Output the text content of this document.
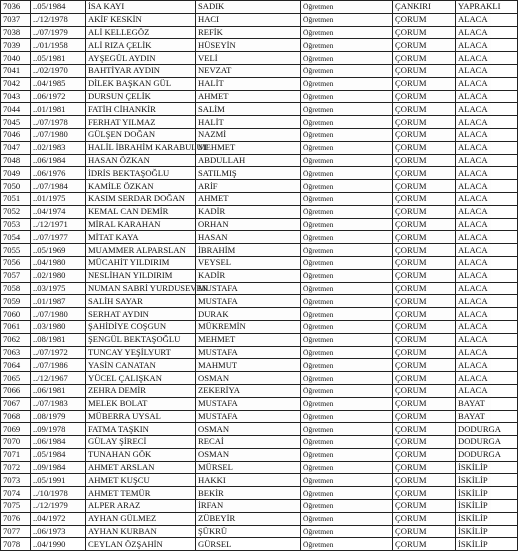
7036	..05/1984	İSA KAYI	SADIK	Öğretmen	ÇANKIRI	YAPRAKLI
7037	../12/1978	AKİF KESKİN	HACI	Öğretmen	ÇORUM	ALACA
7038	../07/1979	ALİ KELLEGÖZ	REFİK	Öğretmen	ÇORUM	ALACA
7039	../01/1958	ALİ RIZA ÇELİK	HÜSEYİN	Öğretmen	ÇORUM	ALACA
7040	..05/1981	AYŞEGÜL AYDIN	VELİ	Öğretmen	ÇORUM	ALACA
7041	../02/1970	BAHTİYAR AYDIN	NEVZAT	Öğretmen	ÇORUM	ALACA
7042	..04/1985	DİLEK BAŞKAN GÜL	HALİT	Öğretmen	ÇORUM	ALACA
7043	..06/1972	DURSUN ÇELİK	AHMET	Öğretmen	ÇORUM	ALACA
7044	..01/1981	FATİH CİHANKİR	SALİM	Öğretmen	ÇORUM	ALACA
7045	../07/1978	FERHAT YILMAZ	HALİT	Öğretmen	ÇORUM	ALACA
7046	../07/1980	GÜLŞEN DOĞAN	NAZMİ	Öğretmen	ÇORUM	ALACA
7047	..02/1983	HALİL İBRAHİM KARABULUT	MEHMET	Öğretmen	ÇORUM	ALACA
7048	..06/1984	HASAN ÖZKAN	ABDULLAH	Öğretmen	ÇORUM	ALACA
7049	..06/1976	İDRİS BEKTAŞOĞLU	SATILMIŞ	Öğretmen	ÇORUM	ALACA
7050	../07/1984	KAMİLE ÖZKAN	ARİF	Öğretmen	ÇORUM	ALACA
7051	..01/1975	KASIM SERDAR DOĞAN	AHMET	Öğretmen	ÇORUM	ALACA
7052	..04/1974	KEMAL CAN DEMİR	KADİR	Öğretmen	ÇORUM	ALACA
7053	../12/1971	MİRAL KARAHAN	ORHAN	Öğretmen	ÇORUM	ALACA
7054	../07/1977	MİTAT KAYA	HASAN	Öğretmen	ÇORUM	ALACA
7055	..05/1969	MUAMMER ALPARSLAN	İBRAHİM	Öğretmen	ÇORUM	ALACA
7056	..04/1980	MÜCAHİT YILDIRIM	VEYSEL	Öğretmen	ÇORUM	ALACA
7057	..02/1980	NESLİHAN YILDIRIM	KADİR	Öğretmen	ÇORUM	ALACA
7058	..03/1975	NUMAN SABRİ YURDUSEVEN	MUSTAFA	Öğretmen	ÇORUM	ALACA
7059	..01/1987	SALİH SAYAR	MUSTAFA	Öğretmen	ÇORUM	ALACA
7060	../07/1980	SERHAT AYDIN	DURAK	Öğretmen	ÇORUM	ALACA
7061	..03/1980	ŞAHİDİYE COŞGUN	MÜKREMİN	Öğretmen	ÇORUM	ALACA
7062	..08/1981	ŞENGÜL BEKTAŞOĞLU	MEHMET	Öğretmen	ÇORUM	ALACA
7063	../07/1972	TUNCAY YEŞİLYURT	MUSTAFA	Öğretmen	ÇORUM	ALACA
7064	../07/1986	YASİN CANATAN	MAHMUT	Öğretmen	ÇORUM	ALACA
7065	../12/1967	YÜCEL ÇALIŞKAN	OSMAN	Öğretmen	ÇORUM	ALACA
7066	..06/1981	ZEHRA DEMİR	ZEKERİYA	Öğretmen	ÇORUM	ALACA
7067	../07/1983	MELEK BOLAT	MUSTAFA	Öğretmen	ÇORUM	BAYAT
7068	..08/1979	MÜBERRA UYSAL	MUSTAFA	Öğretmen	ÇORUM	BAYAT
7069	..09/1978	FATMA TAŞKIN	OSMAN	Öğretmen	ÇORUM	DODURGA
7070	..06/1984	GÜLAY ŞİRECİ	RECAİ	Öğretmen	ÇORUM	DODURGA
7071	..05/1984	TUNAHAN GÖK	OSMAN	Öğretmen	ÇORUM	DODURGA
7072	..09/1984	AHMET ARSLAN	MÜRSEL	Öğretmen	ÇORUM	İSKİLİP
7073	..05/1991	AHMET KUŞCU	HAKKI	Öğretmen	ÇORUM	İSKİLİP
7074	../10/1978	AHMET TEMÜR	BEKİR	Öğretmen	ÇORUM	İSKİLİP
7075	../12/1979	ALPER ARAZ	İRFAN	Öğretmen	ÇORUM	İSKİLİP
7076	..04/1972	AYHAN GÜLMEZ	ZÜBEYİR	Öğretmen	ÇORUM	İSKİLİP
7077	..06/1973	AYHAN KURBAN	ŞÜKRÜ	Öğretmen	ÇORUM	İSKİLİP
7078	..04/1990	CEYLAN ÖZŞAHİN	GÜRSEL	Öğretmen	ÇORUM	İSKİLİP
